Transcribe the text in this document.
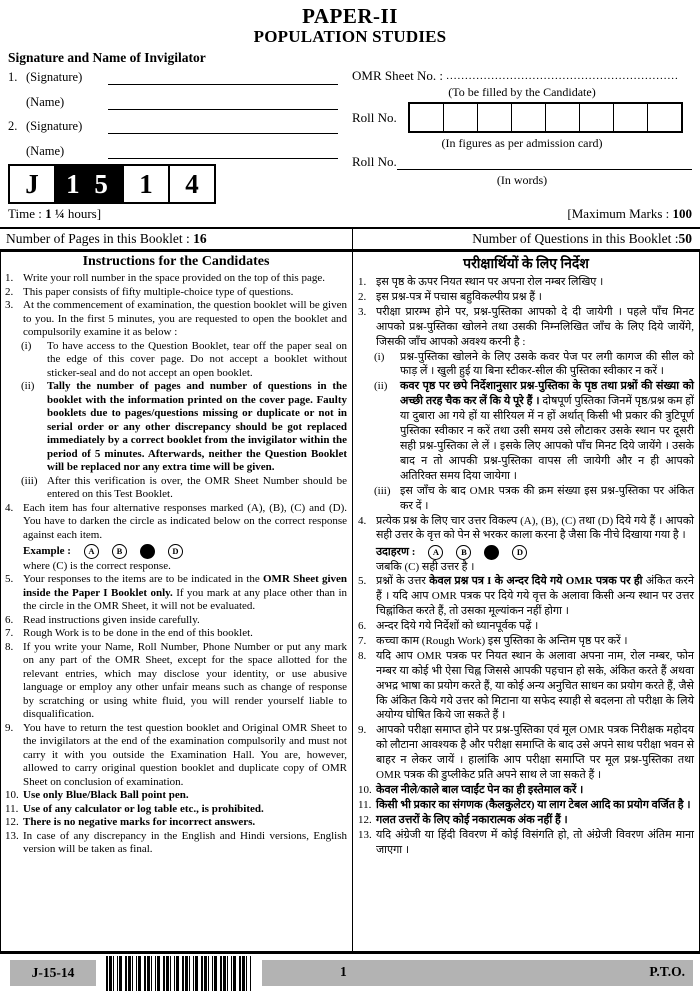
PAPER-II
POPULATION STUDIES
Signature and Name of Invigilator
1. (Signature)
(Name)
2. (Signature)
(Name)
OMR Sheet No. :
..............................................................
(To be filled by the Candidate)
Roll No.
(In figures as per admission card)
Roll No.
(In words)
J	1 5	1	4
Time : 1 ¼ hours]	[Maximum Marks : 100
Number of Pages in this Booklet : 16	Number of Questions in this Booklet : 50
Instructions for the Candidates
1. Write your roll number in the space provided on the top of this page.
2. This paper consists of fifty multiple-choice type of questions.
3. At the commencement of examination, the question booklet will be given to you. In the first 5 minutes, you are requested to open the booklet and compulsorily examine it as below :
(i)	To have access to the Question Booklet, tear off the paper seal on the edge of this cover page. Do not accept a booklet without sticker-seal and do not accept an open booklet.
(ii)	Tally the number of pages and number of questions in the booklet with the information printed on the cover page. Faulty booklets due to pages/questions missing or duplicate or not in serial order or any other discrepancy should be got replaced immediately by a correct booklet from the invigilator within the period of 5 minutes. Afterwards, neither the Question Booklet will be replaced nor any extra time will be given.
(iii) After this verification is over, the OMR Sheet Number should be entered on this Test Booklet.
4. Each item has four alternative responses marked (A), (B), (C) and (D). You have to darken the circle as indicated below on the correct response against each item.
Example :	A	B	D
where (C) is the correct response.
5. Your responses to the items are to be indicated in the OMR Sheet given inside the Paper I Booklet only. If you mark at any place other than in the circle in the OMR Sheet, it will not be evaluated.
6. Read instructions given inside carefully.
7. Rough Work is to be done in the end of this booklet.
8. If you write your Name, Roll Number, Phone Number or put any mark on any part of the OMR Sheet, except for the space allotted for the relevant entries, which may disclose your identity, or use abusive language or employ any other unfair means such as change of response by scratching or using white fluid, you will render yourself liable to disqualification.
9. You have to return the test question booklet and Original OMR Sheet to the invigilators at the end of the examination compulsorily and must not carry it with you outside the Examination Hall. You are, however, allowed to carry original question booklet and duplicate copy of OMR Sheet on conclusion of examination.
10. Use only Blue/Black Ball point pen.
11. Use of any calculator or log table etc., is prohibited.
12. There is no negative marks for incorrect answers.
13. In case of any discrepancy in the English and Hindi versions, English version will be taken as final.
परीक्षार्थियों के लिए निर्देश
1. इस पृष्ठ के ऊपर नियत स्थान पर अपना रोल नम्बर लिखिए ।
2. इस प्रश्न-पत्र में पचास बहुविकल्पीय प्रश्न हैं ।
3. परीक्षा प्रारम्भ होने पर, प्रश्न-पुस्तिका आपको दे दी जायेगी । पहले पाँच मिनट आपको प्रश्न-पुस्तिका खोलने तथा उसकी निम्नलिखित जाँच के लिए दिये जायेंगे, जिसकी जाँच आपको अवश्य करनी है :
(i)	प्रश्न-पुस्तिका खोलने के लिए उसके कवर पेज पर लगी कागज की सील को फाड़ लें । खुली हुई या बिना स्टीकर-सील की पुस्तिका स्वीकार न करें ।
(ii)	कवर पृष्ठ पर छपे निर्देशानुसार प्रश्न-पुस्तिका के पृष्ठ तथा प्रश्नों की संख्या को अच्छी तरह चैक कर लें कि ये पूरे हैं । दोषपूर्ण पुस्तिका जिनमें पृष्ठ/प्रश्न कम हों या दुबारा आ गये हों या सीरियल में न हों अर्थात् किसी भी प्रकार की त्रुटिपूर्ण पुस्तिका स्वीकार न करें तथा उसी समय उसे लौटाकर उसके स्थान पर दूसरी सही प्रश्न-पुस्तिका ले लें । इसके लिए आपको पाँच मिनट दिये जायेंगे । उसके बाद न तो आपकी प्रश्न-पुस्तिका वापस ली जायेगी और न ही आपको अतिरिक्त समय दिया जायेगा ।
(iii) इस जाँच के बाद OMR पत्रक की क्रम संख्या इस प्रश्न-पुस्तिका पर अंकित कर दें ।
4. प्रत्येक प्रश्न के लिए चार उत्तर विकल्प (A), (B), (C) तथा (D) दिये गये हैं । आपको सही उत्तर के वृत्त को पेन से भरकर काला करना है जैसा कि नीचे दिखाया गया है ।
उदाहरण :	A	B	D
जबकि (C) सही उत्तर है ।
5. प्रश्नों के उत्तर केवल प्रश्न पत्र I के अन्दर दिये गये OMR पत्रक पर ही अंकित करने हैं । यदि आप OMR पत्रक पर दिये गये वृत्त के अलावा किसी अन्य स्थान पर उत्तर चिह्नांकित करते हैं, तो उसका मूल्यांकन नहीं होगा ।
6. अन्दर दिये गये निर्देशों को ध्यानपूर्वक पढ़ें ।
7. कच्चा काम (Rough Work) इस पुस्तिका के अन्तिम पृष्ठ पर करें ।
8. यदि आप OMR पत्रक पर नियत स्थान के अलावा अपना नाम, रोल नम्बर, फोन नम्बर या कोई भी ऐसा चिह्न जिससे आपकी पहचान हो सके, अंकित करते हैं अथवा अभद्र भाषा का प्रयोग करते हैं, या कोई अन्य अनुचित साधन का प्रयोग करते हैं, जैसे कि अंकित किये गये उत्तर को मिटाना या सफेद स्याही से बदलना तो परीक्षा के लिये अयोग्य घोषित किये जा सकते हैं ।
9. आपको परीक्षा समाप्त होने पर प्रश्न-पुस्तिका एवं मूल OMR पत्रक निरीक्षक महोदय को लौटाना आवश्यक है और परीक्षा समाप्ति के बाद उसे अपने साथ परीक्षा भवन से बाहर न लेकर जायें । हालांकि आप परीक्षा समाप्ति पर मूल प्रश्न-पुस्तिका तथा OMR पत्रक की डुप्लीकेट प्रति अपने साथ ले जा सकते हैं ।
10. केवल नीले/काले बाल प्वाईंट पेन का ही इस्तेमाल करें ।
11. किसी भी प्रकार का संगणक (कैलकुलेटर) या लाग टेबल आदि का प्रयोग वर्जित है ।
12. गलत उत्तरों के लिए कोई नकारात्मक अंक नहीं हैं ।
13. यदि अंग्रेजी या हिंदी विवरण में कोई विसंगति हो, तो अंग्रेजी विवरण अंतिम माना जाएगा ।
J-15-14	1	P.T.O.
